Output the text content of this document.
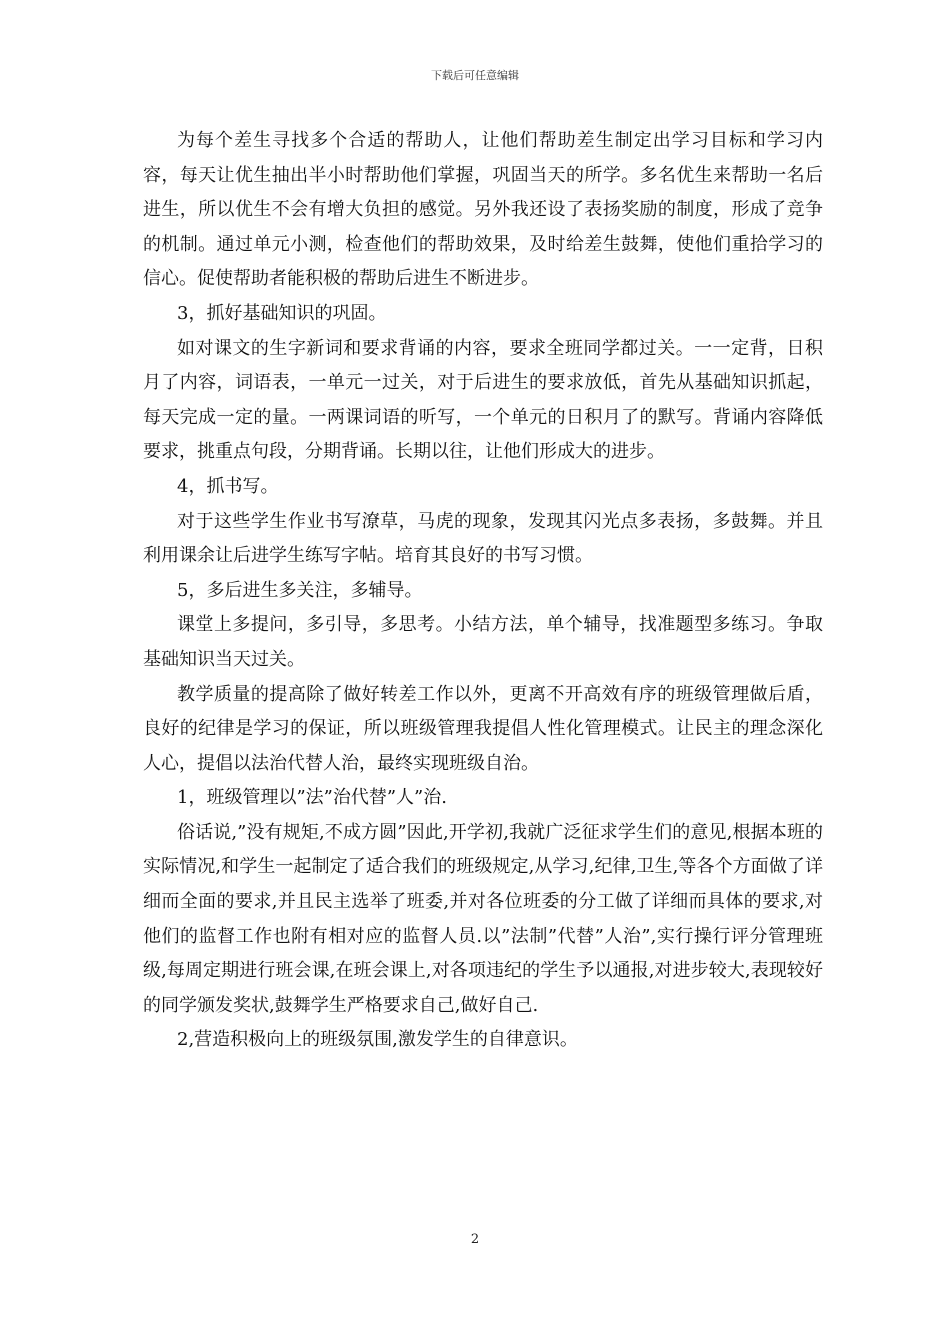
下载后可任意编辑

为每个差生寻找多个合适的帮助人，让他们帮助差生制定出学习目标和学习内容，每天让优生抽出半小时帮助他们掌握，巩固当天的所学。多名优生来帮助一名后进生，所以优生不会有增大负担的感觉。另外我还设了表扬奖励的制度，形成了竞争的机制。通过单元小测，检查他们的帮助效果，及时给差生鼓舞，使他们重拾学习的信心。促使帮助者能积极的帮助后进生不断进步。

3，抓好基础知识的巩固。

如对课文的生字新词和要求背诵的内容，要求全班同学都过关。一一定背，日积月了内容，词语表，一单元一过关，对于后进生的要求放低，首先从基础知识抓起，每天完成一定的量。一两课词语的听写，一个单元的日积月了的默写。背诵内容降低要求，挑重点句段，分期背诵。长期以往，让他们形成大的进步。

4，抓书写。

对于这些学生作业书写潦草，马虎的现象，发现其闪光点多表扬，多鼓舞。并且利用课余让后进学生练写字帖。培育其良好的书写习惯。

5，多后进生多关注，多辅导。

课堂上多提问，多引导，多思考。小结方法，单个辅导，找准题型多练习。争取基础知识当天过关。

教学质量的提高除了做好转差工作以外，更离不开高效有序的班级管理做后盾，良好的纪律是学习的保证，所以班级管理我提倡人性化管理模式。让民主的理念深化人心，提倡以法治代替人治，最终实现班级自治。

1，班级管理以”法”治代替”人”治.

俗话说,”没有规矩,不成方圆”因此,开学初,我就广泛征求学生们的意见,根据本班的实际情况,和学生一起制定了适合我们的班级规定,从学习,纪律,卫生,等各个方面做了详细而全面的要求,并且民主选举了班委,并对各位班委的分工做了详细而具体的要求,对他们的监督工作也附有相对应的监督人员.以”法制”代替”人治”,实行操行评分管理班级,每周定期进行班会课,在班会课上,对各项违纪的学生予以通报,对进步较大,表现较好的同学颁发奖状,鼓舞学生严格要求自己,做好自己.

2,营造积极向上的班级氛围,激发学生的自律意识。

2
